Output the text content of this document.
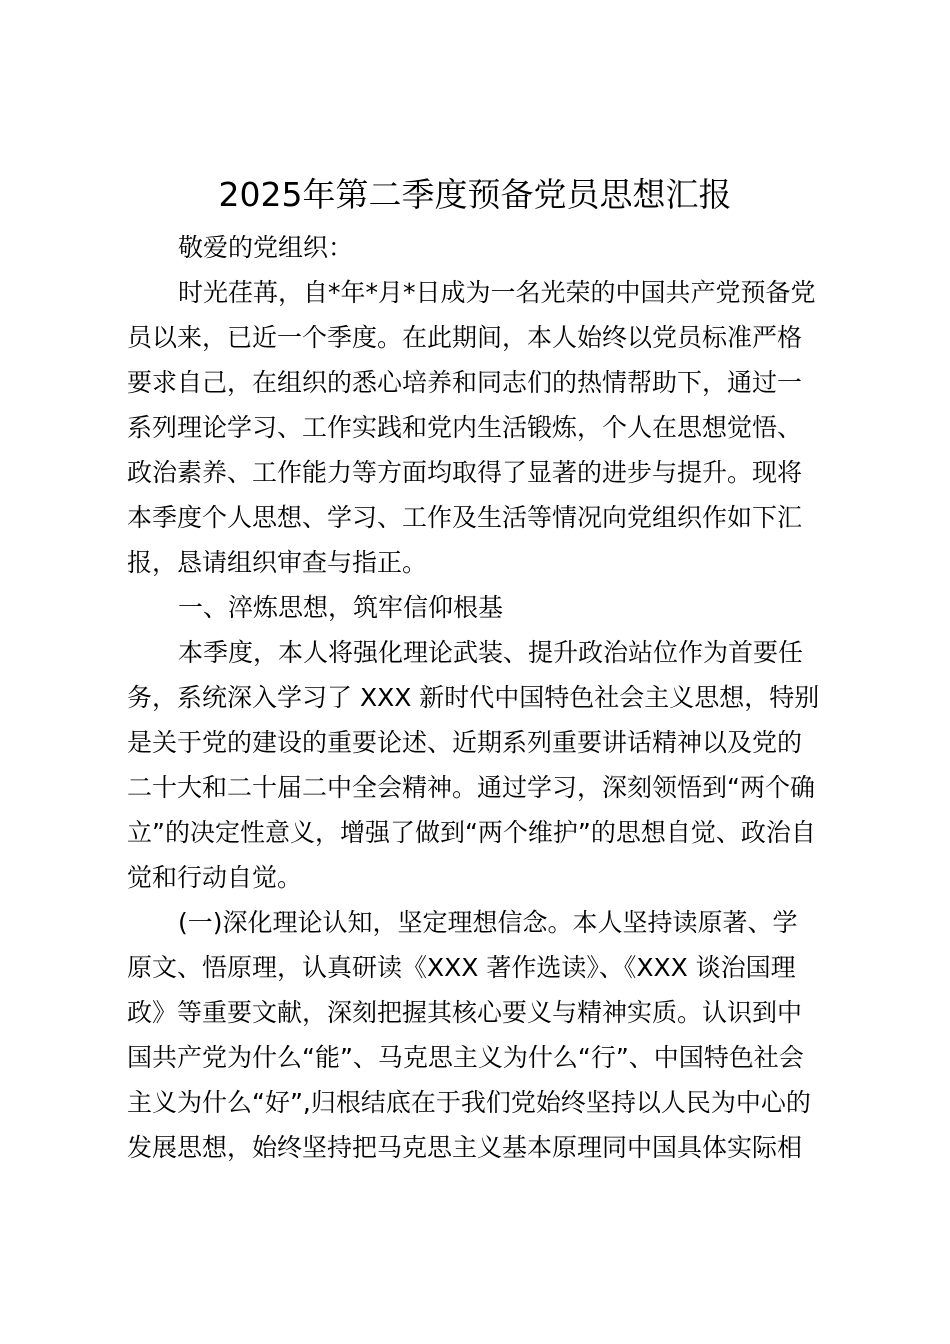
2025年第二季度预备党员思想汇报
敬爱的党组织：
时光荏苒，自*年*月*日成为一名光荣的中国共产党预备党
员以来，已近一个季度。在此期间，本人始终以党员标准严格
要求自己，在组织的悉心培养和同志们的热情帮助下，通过一
系列理论学习、工作实践和党内生活锻炼，个人在思想觉悟、
政治素养、工作能力等方面均取得了显著的进步与提升。现将
本季度个人思想、学习、工作及生活等情况向党组织作如下汇
报，恳请组织审查与指正。
一、淬炼思想，筑牢信仰根基
本季度，本人将强化理论武装、提升政治站位作为首要任
务，系统深入学习了 XXX 新时代中国特色社会主义思想，特别
是关于党的建设的重要论述、近期系列重要讲话精神以及党的
二十大和二十届二中全会精神。通过学习，深刻领悟到“两个确
立”的决定性意义，增强了做到“两个维护”的思想自觉、政治自
觉和行动自觉。
(一)深化理论认知，坚定理想信念。本人坚持读原著、学
原文、悟原理，认真研读《XXX 著作选读》、《XXX 谈治国理
政》等重要文献，深刻把握其核心要义与精神实质。认识到中
国共产党为什么“能”、马克思主义为什么“行”、中国特色社会
主义为什么“好”,归根结底在于我们党始终坚持以人民为中心的
发展思想，始终坚持把马克思主义基本原理同中国具体实际相
